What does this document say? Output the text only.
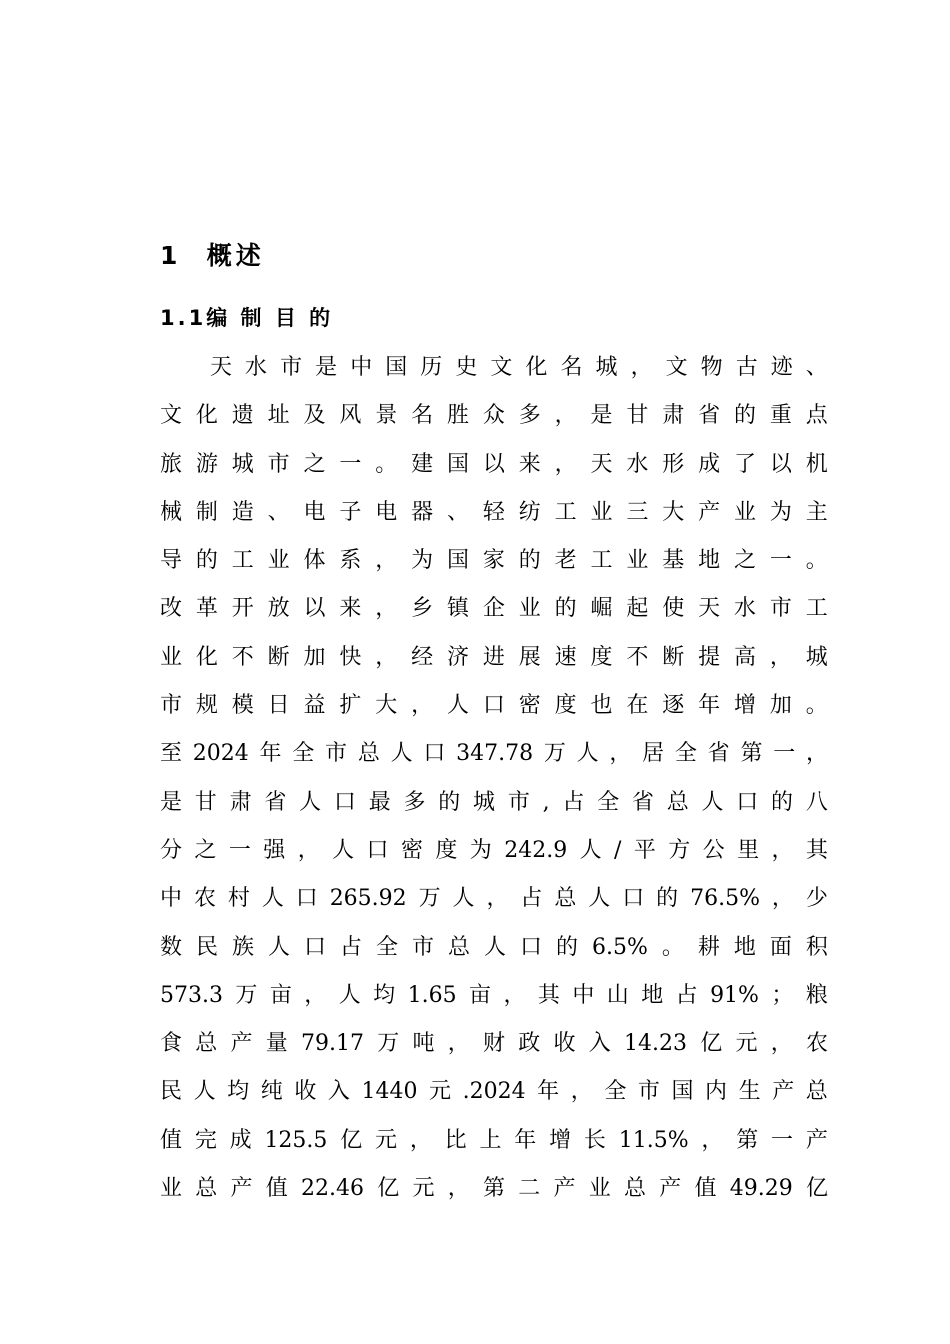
1  概述
1.1编 制 目 的
天 水 市 是 中 国 历 史 文 化 名 城 ， 文 物 古 迹 、
文 化 遗 址 及 风 景 名 胜 众 多 ， 是 甘 肃 省 的 重 点
旅 游 城 市 之 一 。 建 国 以 来 ， 天 水 形 成 了 以 机
械 制 造 、 电 子 电 器 、 轻 纺 工 业 三 大 产 业 为 主
导 的 工 业 体 系 ， 为 国 家 的 老 工 业 基 地 之 一 。
改 革 开 放 以 来 ， 乡 镇 企 业 的 崛 起 使 天 水 市 工
业 化 不 断 加 快 ， 经 济 进 展 速 度 不 断 提 高 ， 城
市 规 模 日 益 扩 大 ， 人 口 密 度 也 在 逐 年 增 加 。
至 2024 年 全 市 总 人 口 347.78 万 人 ， 居 全 省 第 一 ，
是 甘 肃 省 人 口 最 多 的 城 市 , 占 全 省 总 人 口 的 八
分 之 一 强 ， 人 口 密 度 为 242.9 人 / 平 方 公 里 ， 其
中 农 村 人 口 265.92 万 人 ， 占 总 人 口 的 76.5% ， 少
数 民 族 人 口 占 全 市 总 人 口 的 6.5% 。 耕 地 面 积
573.3 万 亩 ， 人 均 1.65 亩 ， 其 中 山 地 占 91% ； 粮
食 总 产 量 79.17 万 吨 ， 财 政 收 入 14.23 亿 元 ， 农
民 人 均 纯 收 入 1440 元 .2024 年 ， 全 市 国 内 生 产 总
值 完 成 125.5 亿 元 ， 比 上 年 增 长 11.5% ， 第 一 产
业 总 产 值 22.46 亿 元 ， 第 二 产 业 总 产 值 49.29 亿
